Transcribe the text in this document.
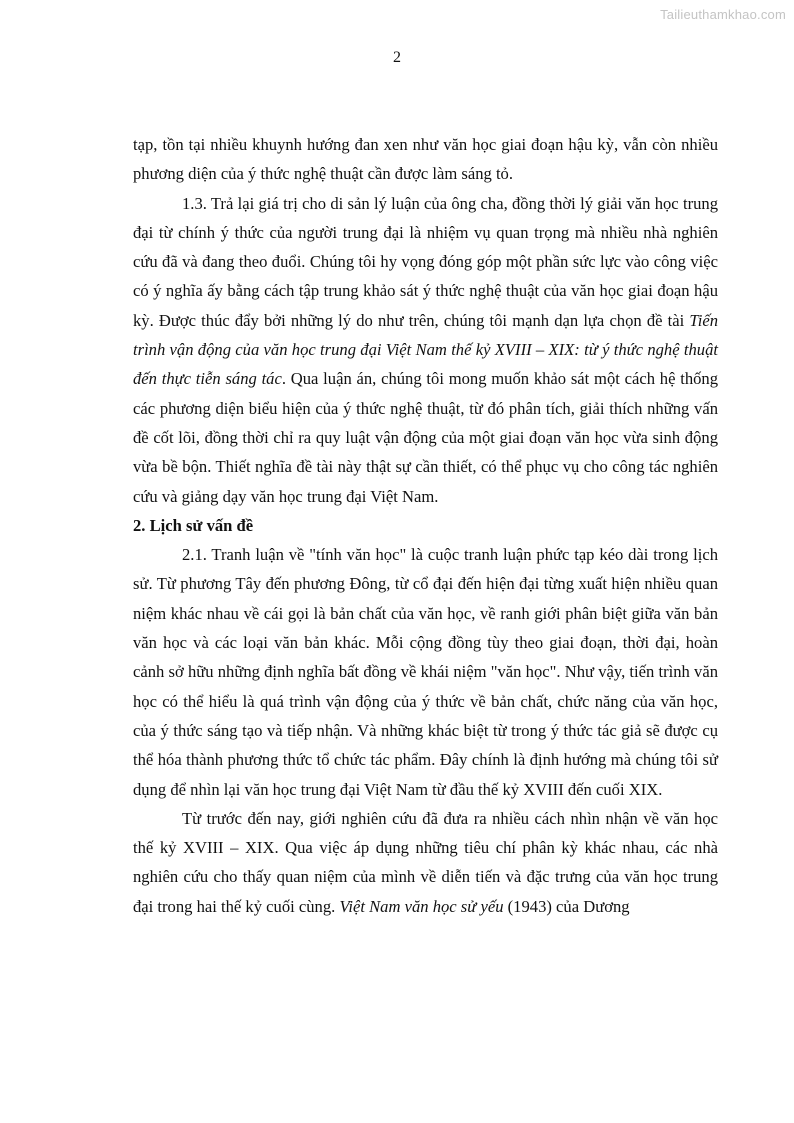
Tailieuthamkhao.com
2

tạp, tồn tại nhiều khuynh hướng đan xen như văn học giai đoạn hậu kỳ, vẫn còn nhiều phương diện của ý thức nghệ thuật cần được làm sáng tỏ.

1.3. Trả lại giá trị cho di sản lý luận của ông cha, đồng thời lý giải văn học trung đại từ chính ý thức của người trung đại là nhiệm vụ quan trọng mà nhiều nhà nghiên cứu đã và đang theo đuổi. Chúng tôi hy vọng đóng góp một phần sức lực vào công việc có ý nghĩa ấy bằng cách tập trung khảo sát ý thức nghệ thuật của văn học giai đoạn hậu kỳ. Được thúc đẩy bởi những lý do như trên, chúng tôi mạnh dạn lựa chọn đề tài Tiến trình vận động của văn học trung đại Việt Nam thế kỷ XVIII – XIX: từ ý thức nghệ thuật đến thực tiễn sáng tác. Qua luận án, chúng tôi mong muốn khảo sát một cách hệ thống các phương diện biểu hiện của ý thức nghệ thuật, từ đó phân tích, giải thích những vấn đề cốt lõi, đồng thời chỉ ra quy luật vận động của một giai đoạn văn học vừa sinh động vừa bề bộn. Thiết nghĩa đề tài này thật sự cần thiết, có thể phục vụ cho công tác nghiên cứu và giảng dạy văn học trung đại Việt Nam.

2. Lịch sử vấn đề

2.1. Tranh luận về "tính văn học" là cuộc tranh luận phức tạp kéo dài trong lịch sử. Từ phương Tây đến phương Đông, từ cổ đại đến hiện đại từng xuất hiện nhiều quan niệm khác nhau về cái gọi là bản chất của văn học, về ranh giới phân biệt giữa văn bản văn học và các loại văn bản khác. Mỗi cộng đồng tùy theo giai đoạn, thời đại, hoàn cảnh sở hữu những định nghĩa bất đồng về khái niệm "văn học". Như vậy, tiến trình văn học có thể hiểu là quá trình vận động của ý thức về bản chất, chức năng của văn học, của ý thức sáng tạo và tiếp nhận. Và những khác biệt từ trong ý thức tác giả sẽ được cụ thể hóa thành phương thức tổ chức tác phẩm. Đây chính là định hướng mà chúng tôi sử dụng để nhìn lại văn học trung đại Việt Nam từ đầu thế kỷ XVIII đến cuối XIX.

Từ trước đến nay, giới nghiên cứu đã đưa ra nhiều cách nhìn nhận về văn học thế kỷ XVIII – XIX. Qua việc áp dụng những tiêu chí phân kỳ khác nhau, các nhà nghiên cứu cho thấy quan niệm của mình về diễn tiến và đặc trưng của văn học trung đại trong hai thế kỷ cuối cùng. Việt Nam văn học sử yếu (1943) của Dương
